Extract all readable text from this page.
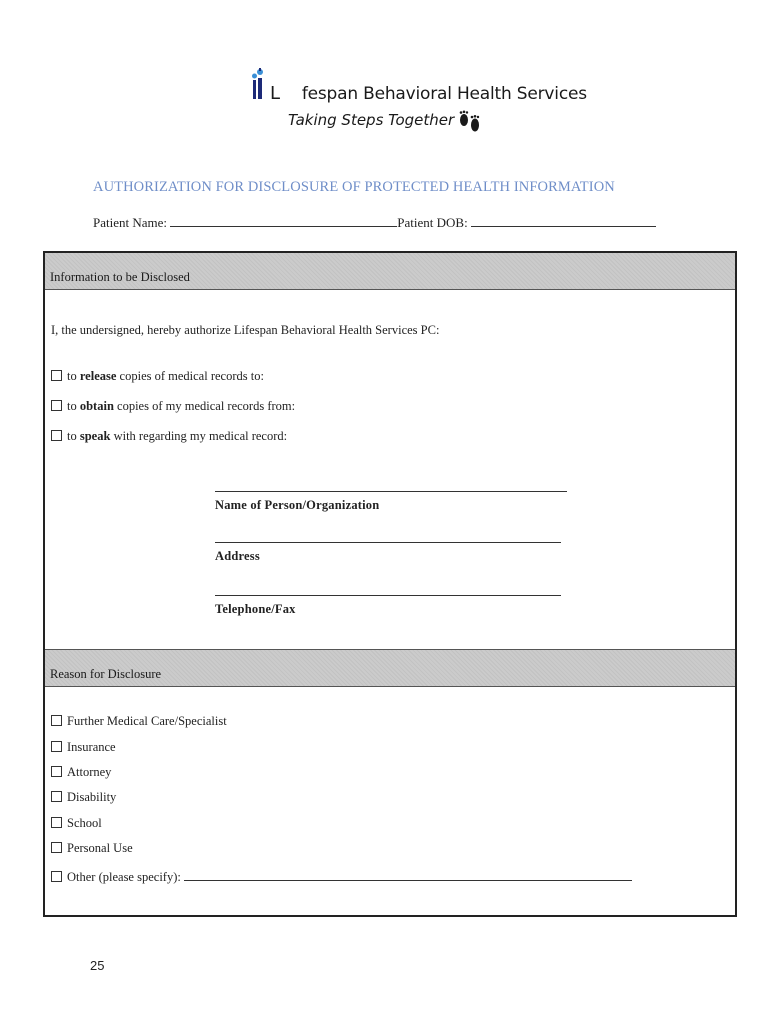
L fespan Behavioral Health Services
Taking Steps Together
AUTHORIZATION FOR DISCLOSURE OF PROTECTED HEALTH INFORMATION
Patient Name:	Patient DOB:
Information to be Disclosed
I, the undersigned, hereby authorize Lifespan Behavioral Health Services PC:
to release copies of medical records to:
to obtain copies of my medical records from:
to speak with regarding my medical record:
Name of Person/Organization
Address
Telephone/Fax
Reason for Disclosure
Further Medical Care/Specialist
Insurance
Attorney
Disability
School
Personal Use
Other (please specify):
25
